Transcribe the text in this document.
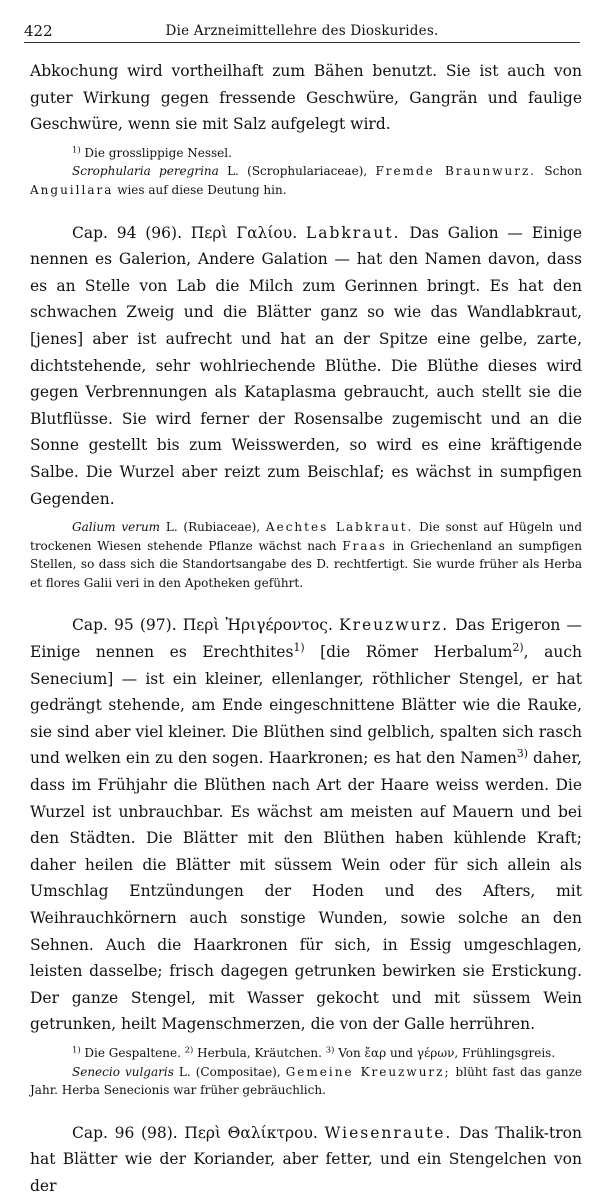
422	Die Arzneimittellehre des Dioskurides.

Abkochung wird vortheilhaft zum Bähen benutzt. Sie ist auch von guter Wirkung gegen fressende Geschwüre, Gangrän und faulige Geschwüre, wenn sie mit Salz aufgelegt wird.

$^{1)}$ Die grosslippige Nessel.

Scrophularia peregrina L. (Scrophulariaceae), Fremde Braunwurz. Schon Anguillara wies auf diese Deutung hin.

Cap. 94 (96). Περὶ Γαλίου. Labkraut. Das Galion — Einige nennen es Galerion, Andere Galation — hat den Namen davon, dass es an Stelle von Lab die Milch zum Gerinnen bringt. Es hat den schwachen Zweig und die Blätter ganz so wie das Wandlabkraut, [jenes] aber ist aufrecht und hat an der Spitze eine gelbe, zarte, dichtstehende, sehr wohlriechende Blüthe. Die Blüthe dieses wird gegen Verbrennungen als Kataplasma gebraucht, auch stellt sie die Blutflüsse. Sie wird ferner der Rosensalbe zugemischt und an die Sonne gestellt bis zum Weisswerden, so wird es eine kräftigende Salbe. Die Wurzel aber reizt zum Beischlaf; es wächst in sumpfigen Gegenden.

Galium verum L. (Rubiaceae), Aechtes Labkraut. Die sonst auf Hügeln und trockenen Wiesen stehende Pflanze wächst nach Fraas in Griechenland an sumpfigen Stellen, so dass sich die Standortsangabe des D. rechtfertigt. Sie wurde früher als Herba et flores Galii veri in den Apotheken geführt.

Cap. 95 (97). Περὶ Ἠριγέροντος. Kreuzwurz. Das Erigeron — Einige nennen es Erechthites$^{1)}$ [die Römer Herbalum$^{2)}$, auch Senecium] — ist ein kleiner, ellenlanger, röthlicher Stengel, er hat gedrängt stehende, am Ende eingeschnittene Blätter wie die Rauke, sie sind aber viel kleiner. Die Blüthen sind gelblich, spalten sich rasch und welken ein zu den sogen. Haarkronen; es hat den Namen$^{3)}$ daher, dass im Frühjahr die Blüthen nach Art der Haare weiss werden. Die Wurzel ist unbrauchbar. Es wächst am meisten auf Mauern und bei den Städten. Die Blätter mit den Blüthen haben kühlende Kraft; daher heilen die Blätter mit süssem Wein oder für sich allein als Umschlag Entzündungen der Hoden und des Afters, mit Weihrauchkörnern auch sonstige Wunden, sowie solche an den Sehnen. Auch die Haarkronen für sich, in Essig umgeschlagen, leisten dasselbe; frisch dagegen getrunken bewirken sie Erstickung. Der ganze Stengel, mit Wasser gekocht und mit süssem Wein getrunken, heilt Magenschmerzen, die von der Galle herrühren.

$^{1)}$ Die Gespaltene. $^{2)}$ Herbula, Kräutchen. $^{3)}$ Von ἔαρ und γέρων, Frühlingsgreis.

Senecio vulgaris L. (Compositae), Gemeine Kreuzwurz; blüht fast das ganze Jahr. Herba Senecionis war früher gebräuchlich.

Cap. 96 (98). Περὶ Θαλίκτρου. Wiesenraute. Das Thalik-tron hat Blätter wie der Koriander, aber fetter, und ein Stengelchen von der
